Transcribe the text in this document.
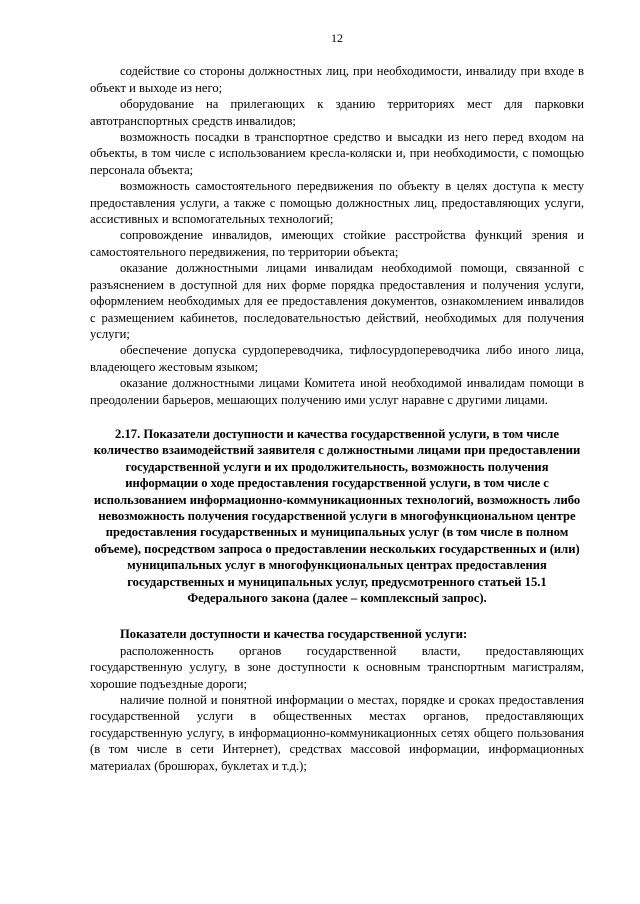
12

содействие со стороны должностных лиц, при необходимости, инвалиду при входе в объект и выходе из него;

оборудование на прилегающих к зданию территориях мест для парковки автотранспортных средств инвалидов;

возможность посадки в транспортное средство и высадки из него перед входом на объекты, в том числе с использованием кресла-коляски и, при необходимости, с помощью персонала объекта;

возможность самостоятельного передвижения по объекту в целях доступа к месту предоставления услуги, а также с помощью должностных лиц, предоставляющих услуги, ассистивных и вспомогательных технологий;

сопровождение инвалидов, имеющих стойкие расстройства функций зрения и самостоятельного передвижения, по территории объекта;

оказание должностными лицами инвалидам необходимой помощи, связанной с разъяснением в доступной для них форме порядка предоставления и получения услуги, оформлением необходимых для ее предоставления документов, ознакомлением инвалидов с размещением кабинетов, последовательностью действий, необходимых для получения услуги;

обеспечение допуска сурдопереводчика, тифлосурдопереводчика либо иного лица, владеющего жестовым языком;

оказание должностными лицами Комитета иной необходимой инвалидам помощи в преодолении барьеров, мешающих получению ими услуг наравне с другими лицами.

2.17. Показатели доступности и качества государственной услуги, в том числе количество взаимодействий заявителя с должностными лицами при предоставлении государственной услуги и их продолжительность, возможность получения информации о ходе предоставления государственной услуги, в том числе с использованием информационно-коммуникационных технологий, возможность либо невозможность получения государственной услуги в многофункциональном центре предоставления государственных и муниципальных услуг (в том числе в полном объеме), посредством запроса о предоставлении нескольких государственных и (или) муниципальных услуг в многофункциональных центрах предоставления государственных и муниципальных услуг, предусмотренного статьей 15.1 Федерального закона (далее – комплексный запрос).

Показатели доступности и качества государственной услуги:

расположенность органов государственной власти, предоставляющих государственную услугу, в зоне доступности к основным транспортным магистралям, хорошие подъездные дороги;

наличие полной и понятной информации о местах, порядке и сроках предоставления государственной услуги в общественных местах органов, предоставляющих государственную услугу, в информационно-коммуникационных сетях общего пользования (в том числе в сети Интернет), средствах массовой информации, информационных материалах (брошюрах, буклетах и т.д.);
